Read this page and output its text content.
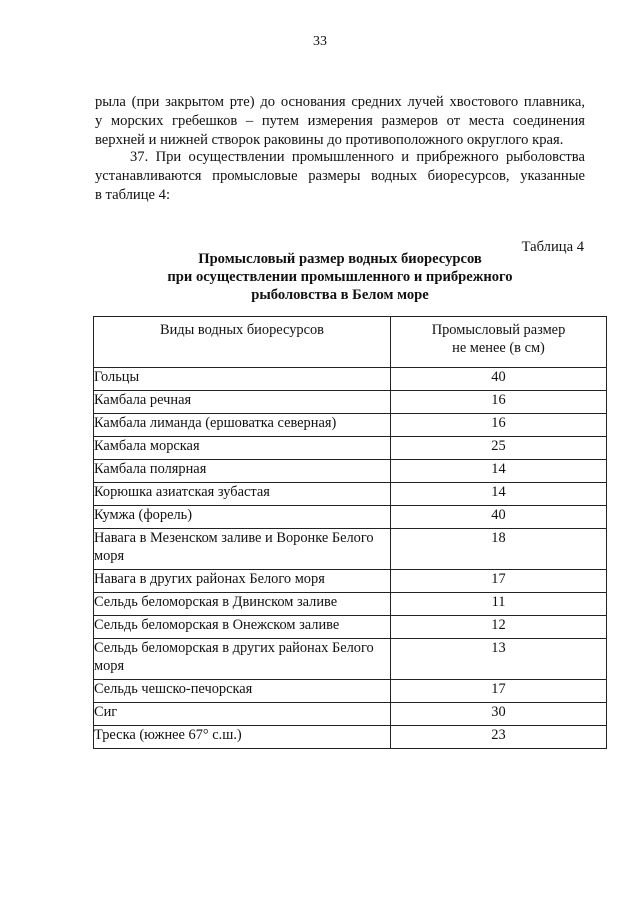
33
рыла (при закрытом рте) до основания средних лучей хвостового плавника,
у морских гребешков – путем измерения размеров от места соединения
верхней и нижней створок раковины до противоположного округлого края.
37. При осуществлении промышленного и прибрежного рыболовства
устанавливаются промысловые размеры водных биоресурсов, указанные
в таблице 4:
Таблица 4
Промысловый размер водных биоресурсов
при осуществлении промышленного и прибрежного
рыболовства в Белом море
Виды водных биоресурсов	Промысловый размер
не менее (в см)

Гольцы	40
Камбала речная	16
Камбала лиманда (ершоватка северная)	16
Камбала морская	25
Камбала полярная	14
Корюшка азиатская зубастая	14
Кумжа (форель)	40
Навага в Мезенском заливе и Воронке Белого моря	18
Навага в других районах Белого моря	17
Сельдь беломорская в Двинском заливе	11
Сельдь беломорская в Онежском заливе	12
Сельдь беломорская в других районах Белого моря	13
Сельдь чешско-печорская	17
Сиг	30
Треска (южнее 67° с.ш.)	23
